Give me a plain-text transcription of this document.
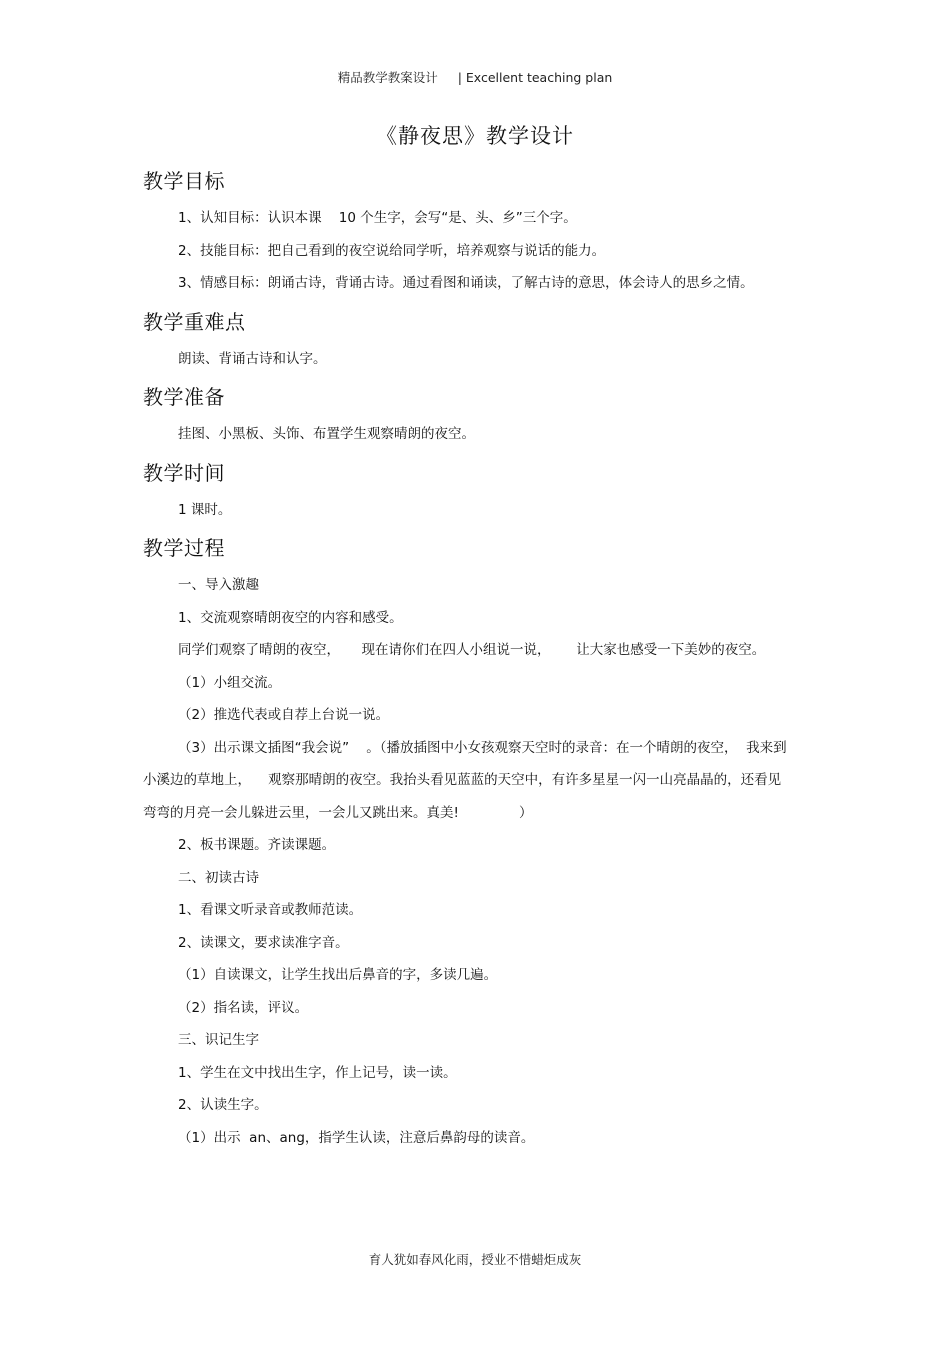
精品教学教案设计 | Excellent teaching plan
《静夜思》教学设计
教学目标

1、认知目标：认识本课    10 个生字，会写“是、头、乡”三个字。

2、技能目标：把自己看到的夜空说给同学听，培养观察与说话的能力。

3、情感目标：朗诵古诗，背诵古诗。通过看图和诵读，了解古诗的意思，体会诗人的思乡之情。

教学重难点

朗读、背诵古诗和认字。

教学准备

挂图、小黑板、头饰、布置学生观察晴朗的夜空。

教学时间

1 课时。

教学过程

一、导入激趣

1、交流观察晴朗夜空的内容和感受。

同学们观察了晴朗的夜空，     现在请你们在四人小组说一说，      让大家也感受一下美妙的夜空。

（1）小组交流。

（2）推选代表或自荐上台说一说。

（3）出示课文插图“我会说”    。（播放插图中小女孩观察天空时的录音：在一个晴朗的夜空，  我来到小溪边的草地上，    观察那晴朗的夜空。我抬头看见蓝蓝的天空中，有许多星星一闪一山亮晶晶的，还看见弯弯的月亮一会儿躲进云里，一会儿又跳出来。真美!              ）

2、板书课题。齐读课题。

二、初读古诗

1、看课文听录音或教师范读。

2、读课文，要求读准字音。

（1）自读课文，让学生找出后鼻音的字，多读几遍。

（2）指名读，评议。

三、识记生字

1、学生在文中找出生字，作上记号，读一读。

2、认读生字。

（1）出示  an、ang，指学生认读，注意后鼻韵母的读音。

育人犹如春风化雨，授业不惜蜡炬成灰
